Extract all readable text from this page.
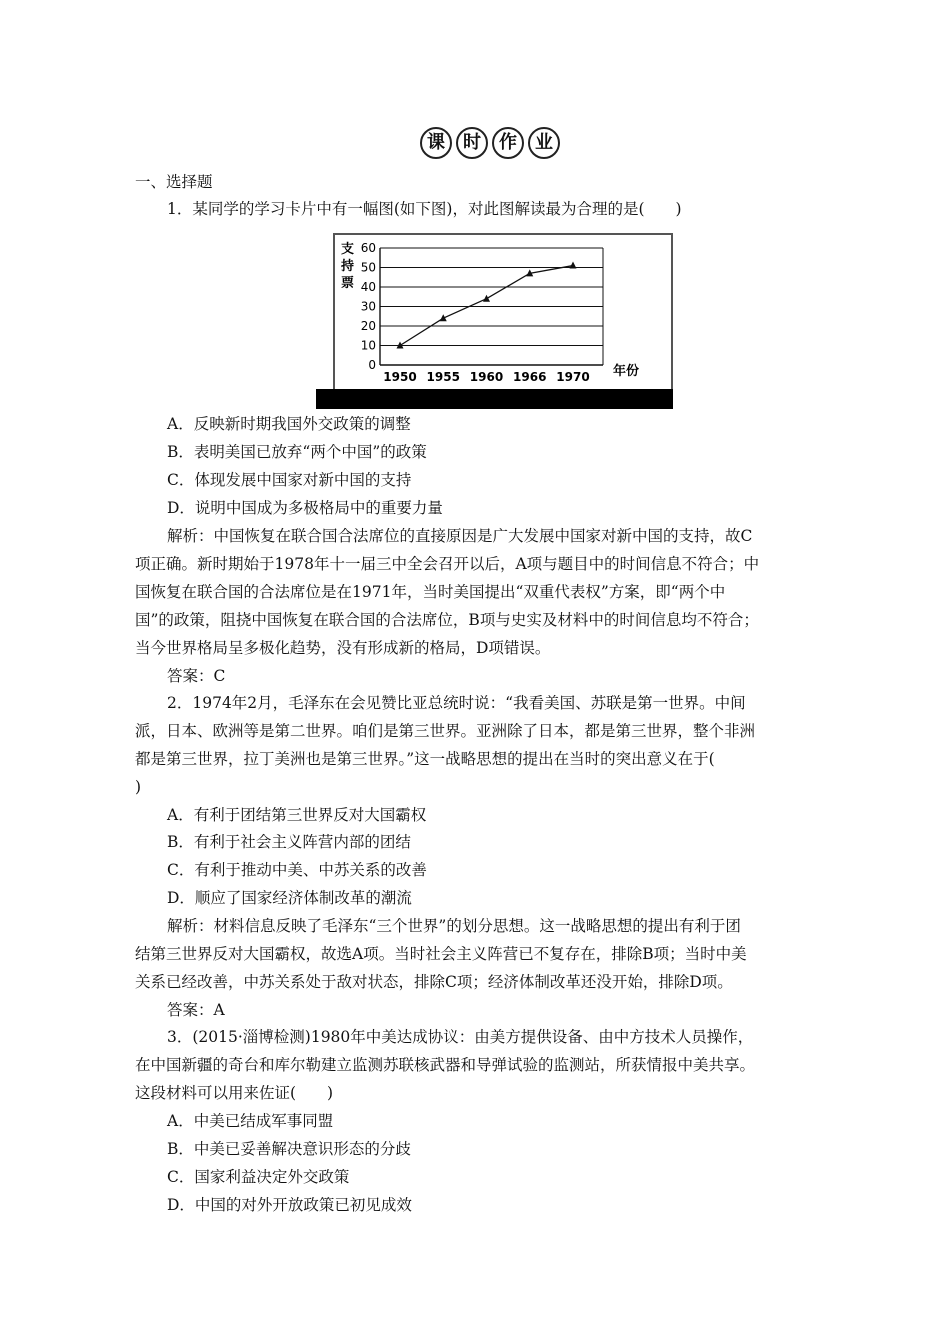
课	时	作	业
一、选择题
1．某同学的学习卡片中有一幅图(如下图)，对此图解读最为合理的是(　　)
支
持
票
0
10
20
30
40
50
60
1950 1955 1960 1966 1970 年份
A．反映新时期我国外交政策的调整
B．表明美国已放弃“两个中国”的政策
C．体现发展中国家对新中国的支持
D．说明中国成为多极格局中的重要力量
解析：中国恢复在联合国合法席位的直接原因是广大发展中国家对新中国的支持，故C
项正确。新时期始于1978年十一届三中全会召开以后，A项与题目中的时间信息不符合；中
国恢复在联合国的合法席位是在1971年，当时美国提出“双重代表权”方案，即“两个中
国”的政策，阻挠中国恢复在联合国的合法席位，B项与史实及材料中的时间信息均不符合；
当今世界格局呈多极化趋势，没有形成新的格局，D项错误。
答案：C
2．1974年2月，毛泽东在会见赞比亚总统时说：“我看美国、苏联是第一世界。中间
派，日本、欧洲等是第二世界。咱们是第三世界。亚洲除了日本，都是第三世界，整个非洲
都是第三世界，拉丁美洲也是第三世界。”这一战略思想的提出在当时的突出意义在于(
)
A．有利于团结第三世界反对大国霸权
B．有利于社会主义阵营内部的团结
C．有利于推动中美、中苏关系的改善
D．顺应了国家经济体制改革的潮流
解析：材料信息反映了毛泽东“三个世界”的划分思想。这一战略思想的提出有利于团
结第三世界反对大国霸权，故选A项。当时社会主义阵营已不复存在，排除B项；当时中美
关系已经改善，中苏关系处于敌对状态，排除C项；经济体制改革还没开始，排除D项。
答案：A
3．(2015·淄博检测)1980年中美达成协议：由美方提供设备、由中方技术人员操作，
在中国新疆的奇台和库尔勒建立监测苏联核武器和导弹试验的监测站，所获情报中美共享。
这段材料可以用来佐证(　　)
A．中美已结成军事同盟
B．中美已妥善解决意识形态的分歧
C．国家利益决定外交政策
D．中国的对外开放政策已初见成效
